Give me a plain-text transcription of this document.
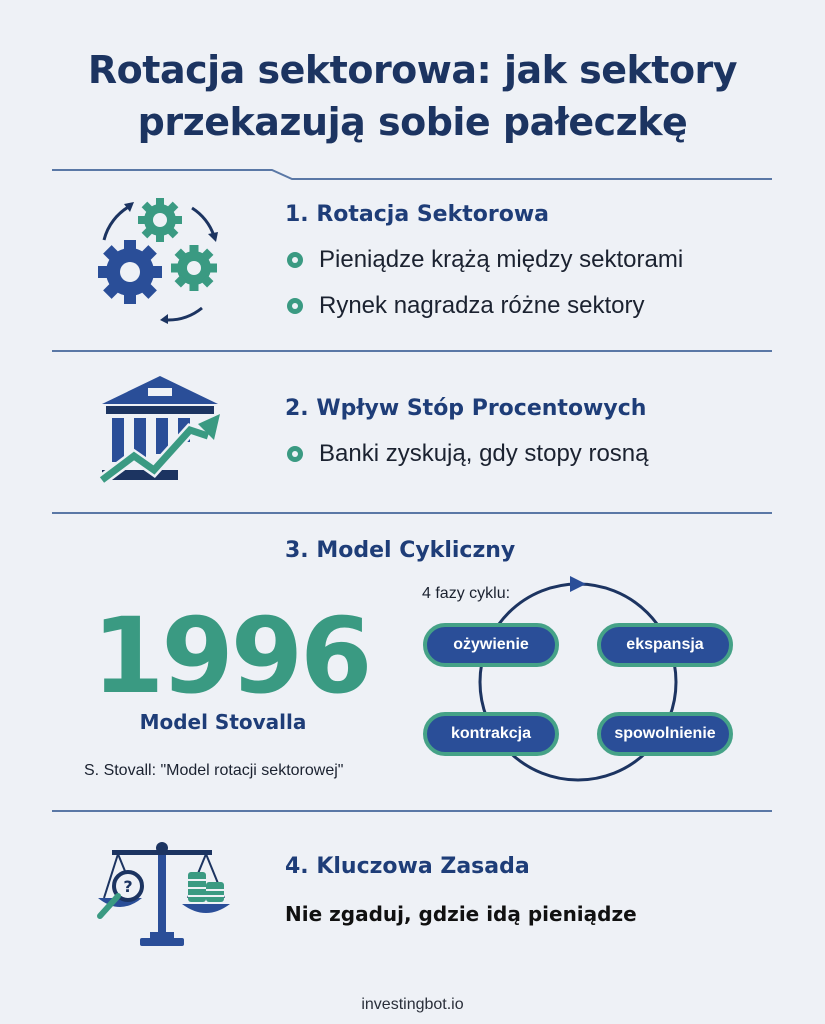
Rotacja sektorowa: jak sektory
przekazują sobie pałeczkę
1. Rotacja Sektorowa
Pieniądze krążą między sektorami
Rynek nagradza różne sektory
2. Wpływ Stóp Procentowych
Banki zyskują, gdy stopy rosną
3. Model Cykliczny
1996
Model Stovalla
S. Stovall: "Model rotacji sektorowej"
4 fazy cyklu:
ożywienie	ekspansja
kontrakcja	spowolnienie
?
4. Kluczowa Zasada
Nie zgaduj, gdzie idą pieniądze
investingbot.io
